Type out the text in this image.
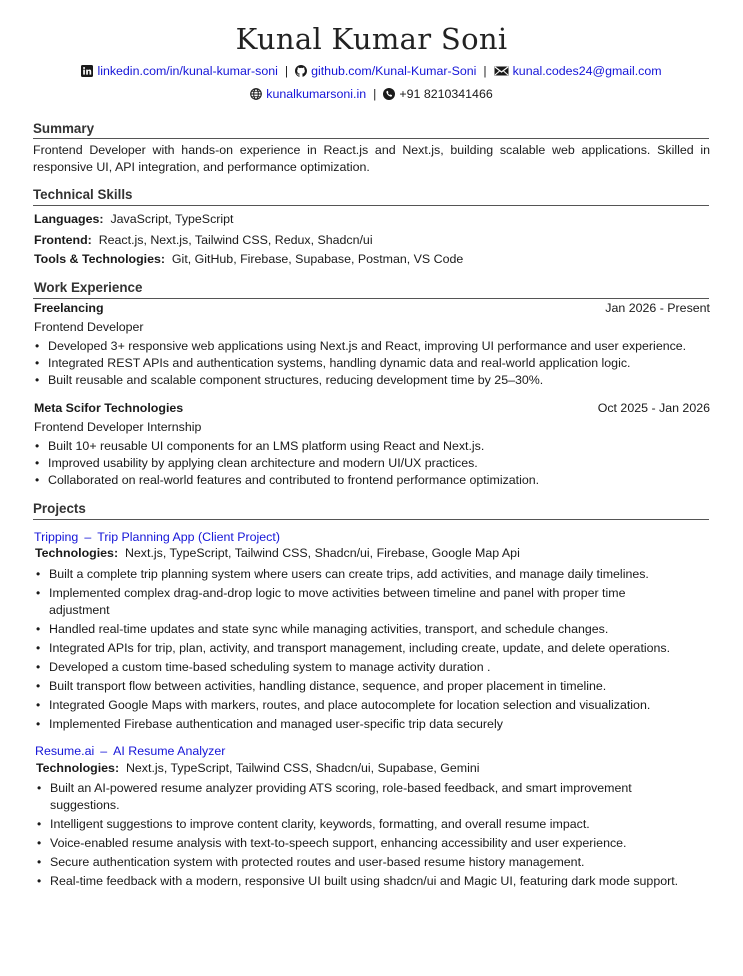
Kunal Kumar Soni
linkedin.com/in/kunal-kumar-soni | github.com/Kunal-Kumar-Soni | kunal.codes24@gmail.com
kunalkumarsoni.in | +91 8210341466
Summary
Frontend Developer with hands-on experience in React.js and Next.js, building scalable web applications. Skilled in responsive UI, API integration, and performance optimization.
Technical Skills
Languages: JavaScript, TypeScript
Frontend: React.js, Next.js, Tailwind CSS, Redux, Shadcn/ui
Tools & Technologies: Git, GitHub, Firebase, Supabase, Postman, VS Code
Work Experience
Freelancing	Jan 2026 - Present
Frontend Developer
• Developed 3+ responsive web applications using Next.js and React, improving UI performance and user experience.
• Integrated REST APIs and authentication systems, handling dynamic data and real-world application logic.
• Built reusable and scalable component structures, reducing development time by 25–30%.
Meta Scifor Technologies	Oct 2025 - Jan 2026
Frontend Developer Internship
• Built 10+ reusable UI components for an LMS platform using React and Next.js.
• Improved usability by applying clean architecture and modern UI/UX practices.
• Collaborated on real-world features and contributed to frontend performance optimization.
Projects
Tripping – Trip Planning App (Client Project)
Technologies: Next.js, TypeScript, Tailwind CSS, Shadcn/ui, Firebase, Google Map Api
• Built a complete trip planning system where users can create trips, add activities, and manage daily timelines.
• Implemented complex drag-and-drop logic to move activities between timeline and panel with proper time adjustment
• Handled real-time updates and state sync while managing activities, transport, and schedule changes.
• Integrated APIs for trip, plan, activity, and transport management, including create, update, and delete operations.
• Developed a custom time-based scheduling system to manage activity duration .
• Built transport flow between activities, handling distance, sequence, and proper placement in timeline.
• Integrated Google Maps with markers, routes, and place autocomplete for location selection and visualization.
• Implemented Firebase authentication and managed user-specific trip data securely
Resume.ai – AI Resume Analyzer
Technologies: Next.js, TypeScript, Tailwind CSS, Shadcn/ui, Supabase, Gemini
• Built an AI-powered resume analyzer providing ATS scoring, role-based feedback, and smart improvement suggestions.
• Intelligent suggestions to improve content clarity, keywords, formatting, and overall resume impact.
• Voice-enabled resume analysis with text-to-speech support, enhancing accessibility and user experience.
• Secure authentication system with protected routes and user-based resume history management.
• Real-time feedback with a modern, responsive UI built using shadcn/ui and Magic UI, featuring dark mode support.
